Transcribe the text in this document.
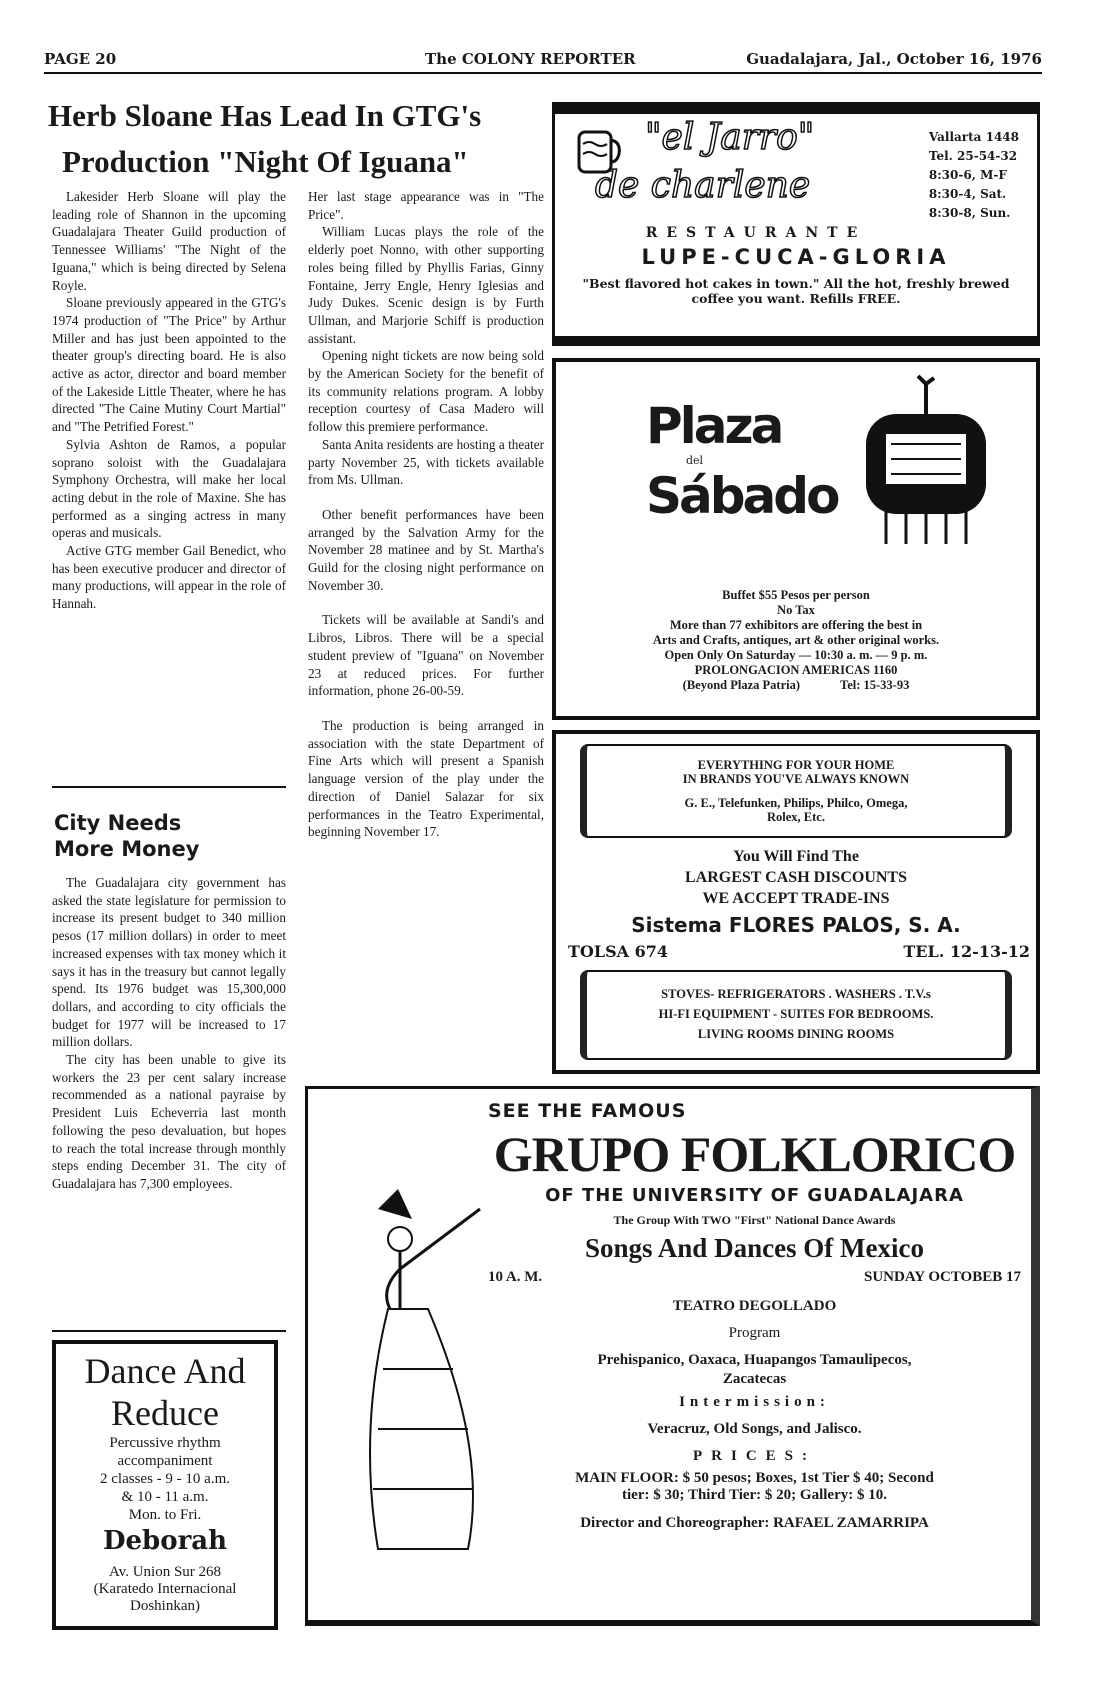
PAGE 20	The COLONY REPORTER	Guadalajara, Jal., October 16, 1976
Herb Sloane Has Lead In GTG's
Production "Night Of Iguana"

Lakesider Herb Sloane will play the leading role of Shannon in the upcoming Guadalajara Theater Guild production of Tennessee Williams' "The Night of the Iguana," which is being directed by Selena Royle.

Sloane previously appeared in the GTG's 1974 production of "The Price" by Arthur Miller and has just been appointed to the theater group's directing board. He is also active as actor, director and board member of the Lakeside Little Theater, where he has directed "The Caine Mutiny Court Martial" and "The Petrified Forest."

Sylvia Ashton de Ramos, a popular soprano soloist with the Guadalajara Symphony Orchestra, will make her local acting debut in the role of Maxine. She has performed as a singing actress in many operas and musicals.

Active GTG member Gail Benedict, who has been executive producer and director of many productions, will appear in the role of Hannah.

Her last stage appearance was in "The Price".

William Lucas plays the role of the elderly poet Nonno, with other supporting roles being filled by Phyllis Farias, Ginny Fontaine, Jerry Engle, Henry Iglesias and Judy Dukes. Scenic design is by Furth Ullman, and Marjorie Schiff is production assistant.

Opening night tickets are now being sold by the American Society for the benefit of its community relations program. A lobby reception courtesy of Casa Madero will follow this premiere performance.

Santa Anita residents are hosting a theater party November 25, with tickets available from Ms. Ullman.

Other benefit performances have been arranged by the Salvation Army for the November 28 matinee and by St. Martha's Guild for the closing night performance on November 30.

Tickets will be available at Sandi's and Libros, Libros. There will be a special student preview of "Iguana" on November 23 at reduced prices. For further information, phone 26-00-59.

The production is being arranged in association with the state Department of Fine Arts which will present a Spanish language version of the play under the direction of Daniel Salazar for six performances in the Teatro Experimental, beginning November 17.

City Needs
More Money

The Guadalajara city government has asked the state legislature for permission to increase its present budget to 340 million pesos (17 million dollars) in order to meet increased expenses with tax money which it says it has in the treasury but cannot legally spend. Its 1976 budget was 15,300,000 dollars, and according to city officials the budget for 1977 will be increased to 17 million dollars.

The city has been unable to give its workers the 23 per cent salary increase recommended as a national payraise by President Luis Echeverria last month following the peso devaluation, but hopes to reach the total increase through monthly steps ending December 31. The city of Guadalajara has 7,300 employees.

Dance And
Reduce
Percussive rhythm
accompaniment
2 classes - 9 - 10 a.m.
& 10 - 11 a.m.
Mon. to Fri.
Deborah
Av. Union Sur 268
(Karatedo Internacional
Doshinkan)
"el Jarro"
de charlene
Vallarta 1448
Tel. 25-54-32
8:30-6, M-F
8:30-4, Sat.
8:30-8, Sun.
RESTAURANTE
LUPE-CUCA-GLORIA
"Best flavored hot cakes in town." All the hot, freshly brewed coffee you want. Refills FREE.
Plaza
del
Sábado
Buffet $55 Pesos per person
No Tax
More than 77 exhibitors are offering the best in
Arts and Crafts, antiques, art & other original works.
Open Only On Saturday — 10:30 a. m. — 9 p. m.
PROLONGACION AMERICAS 1160
(Beyond Plaza Patria)	Tel: 15-33-93
EVERYTHING FOR YOUR HOME
IN BRANDS YOU'VE ALWAYS KNOWN
G. E., Telefunken, Philips, Philco, Omega,
Rolex, Etc.
You Will Find The
LARGEST CASH DISCOUNTS
WE ACCEPT TRADE-INS
Sistema FLORES PALOS, S. A.
TOLSA 674	TEL. 12-13-12
STOVES- REFRIGERATORS . WASHERS . T.V.s
HI-FI EQUIPMENT - SUITES FOR BEDROOMS.
LIVING ROOMS DINING ROOMS
SEE THE FAMOUS
GRUPO FOLKLORICO
OF THE UNIVERSITY OF GUADALAJARA
The Group With TWO "First" National Dance Awards
Songs And Dances Of Mexico
10 A. M.	SUNDAY OCTOBEB 17
TEATRO DEGOLLADO
Program
Prehispanico, Oaxaca, Huapangos Tamaulipecos,
Zacatecas
Intermission:
Veracruz, Old Songs, and Jalisco.
PRICES:
MAIN FLOOR: $ 50 pesos; Boxes, 1st Tier $ 40; Second
tier: $ 30; Third Tier: $ 20; Gallery: $ 10.
Director and Choreographer: RAFAEL ZAMARRIPA
